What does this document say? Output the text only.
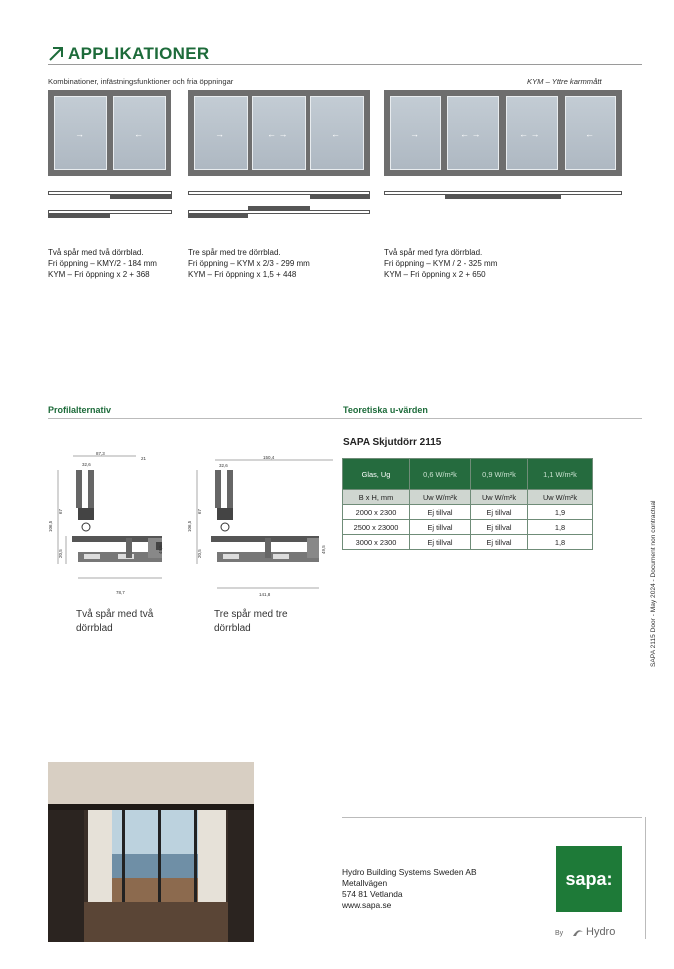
APPLIKATIONER
Kombinationer, infästningsfunktioner och fria öppningar	KYM – Yttre karmmått
→	←	→	← →	←	→	← →	← →	←
Två spår med två dörrblad.
Fri öppning – KMY/2 - 184 mm
KYM – Fri öppning x 2 + 368
Tre spår med tre dörrblad.
Fri öppning – KYM x 2/3 - 299 mm
KYM – Fri öppning x 1,5 + 448
Två spår med fyra dörrblad.
Fri öppning – KYM / 2 - 325 mm
KYM – Fri öppning x 2 + 650
Profilalternativ	Teoretiska u-värden
87,3
32,6
21
106,5
67
20,5	49,5
78,7
150,4
32,6
106,5
67
20,5	49,5
141,8
Två spår med två
dörrblad
Tre spår med tre
dörrblad
SAPA Skjutdörr 2115
Glas, Ug	0,6 W/m²k	0,9 W/m²k	1,1 W/m²k
B x H, mm	Uw W/m²k	Uw W/m²k	Uw W/m²k
2000 x 2300	Ej tillval	Ej tillval	1,9
2500 x 23000	Ej tillval	Ej tillval	1,8
3000 x 2300	Ej tillval	Ej tillval	1,8	SAPA 2115 Door - May 2024 - Document non contractual
Hydro Building Systems Sweden AB
Metallvägen
574 81 Vetlanda
www.sapa.se
sapa:
By Hydro
